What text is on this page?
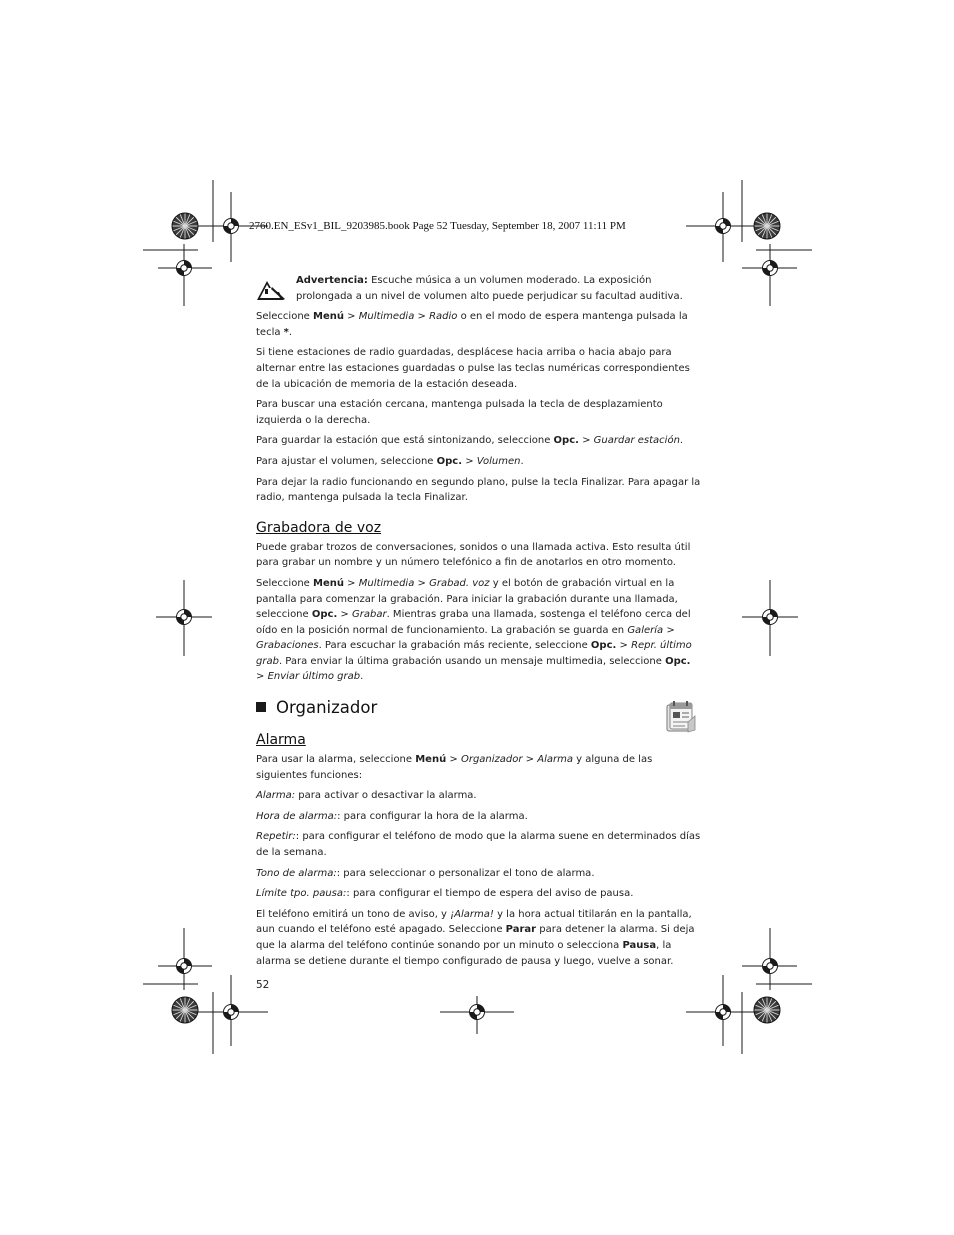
2760.EN_ESv1_BIL_9203985.book Page 52 Tuesday, September 18, 2007 11:11 PM
Advertencia: Escuche música a un volumen moderado. La exposición prolongada a un nivel de volumen alto puede perjudicar su facultad auditiva.

Seleccione Menú > Multimedia > Radio o en el modo de espera mantenga pulsada la tecla *.

Si tiene estaciones de radio guardadas, desplácese hacia arriba o hacia abajo para alternar entre las estaciones guardadas o pulse las teclas numéricas correspondientes de la ubicación de memoria de la estación deseada.

Para buscar una estación cercana, mantenga pulsada la tecla de desplazamiento izquierda o la derecha.

Para guardar la estación que está sintonizando, seleccione Opc. > Guardar estación.

Para ajustar el volumen, seleccione Opc. > Volumen.

Para dejar la radio funcionando en segundo plano, pulse la tecla Finalizar. Para apagar la radio, mantenga pulsada la tecla Finalizar.

Grabadora de voz

Puede grabar trozos de conversaciones, sonidos o una llamada activa. Esto resulta útil para grabar un nombre y un número telefónico a fin de anotarlos en otro momento.

Seleccione Menú > Multimedia > Grabad. voz y el botón de grabación virtual en la pantalla para comenzar la grabación. Para iniciar la grabación durante una llamada, seleccione Opc. > Grabar. Mientras graba una llamada, sostenga el teléfono cerca del oído en la posición normal de funcionamiento. La grabación se guarda en Galería > Grabaciones. Para escuchar la grabación más reciente, seleccione Opc. > Repr. último grab. Para enviar la última grabación usando un mensaje multimedia, seleccione Opc. > Enviar último grab.

Organizador
Alarma

Para usar la alarma, seleccione Menú > Organizador > Alarma y alguna de las siguientes funciones:

Alarma: para activar o desactivar la alarma.

Hora de alarma:: para configurar la hora de la alarma.

Repetir:: para configurar el teléfono de modo que la alarma suene en determinados días de la semana.

Tono de alarma:: para seleccionar o personalizar el tono de alarma.

Límite tpo. pausa:: para configurar el tiempo de espera del aviso de pausa.

El teléfono emitirá un tono de aviso, y ¡Alarma! y la hora actual titilarán en la pantalla, aun cuando el teléfono esté apagado. Seleccione Parar para detener la alarma. Si deja que la alarma del teléfono continúe sonando por un minuto o selecciona Pausa, la alarma se detiene durante el tiempo configurado de pausa y luego, vuelve a sonar.

52
